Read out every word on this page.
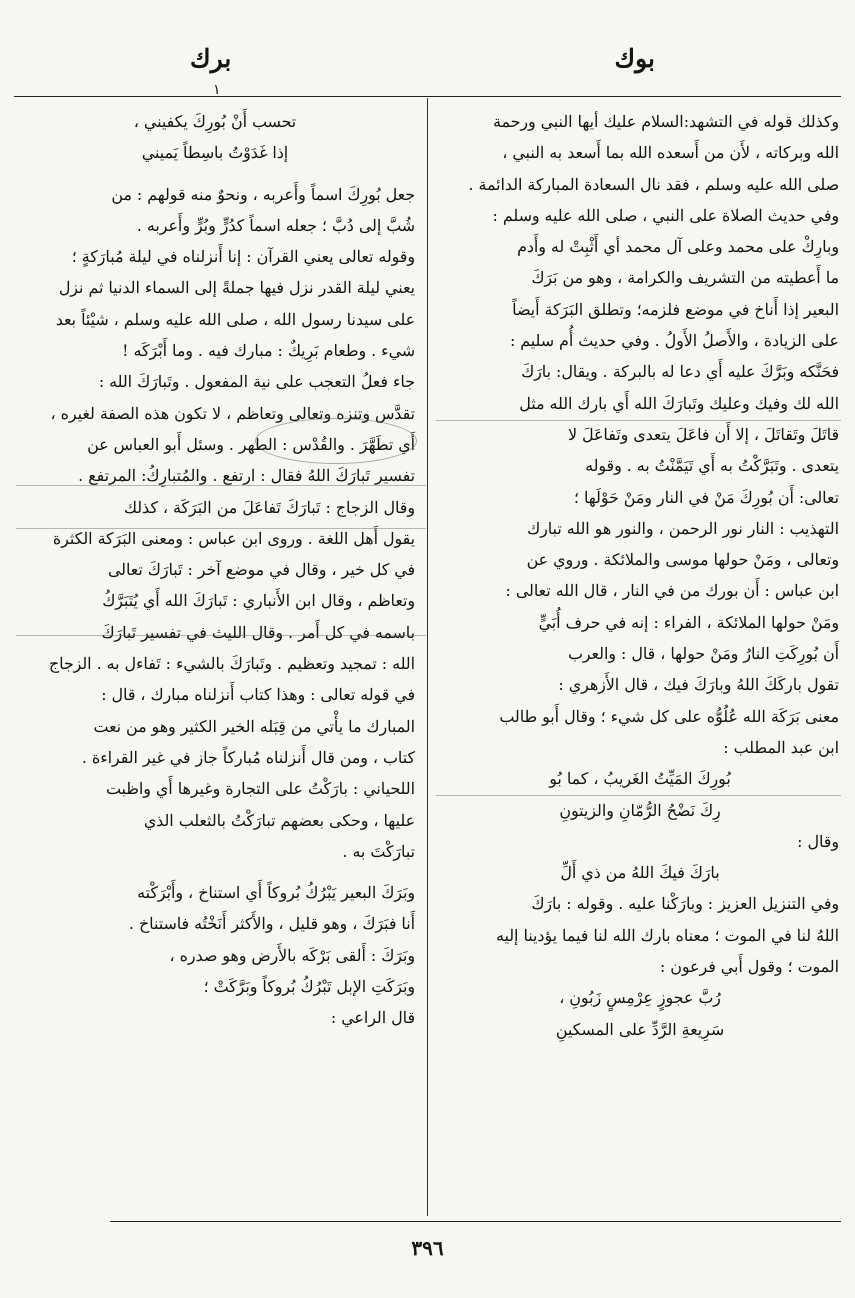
بوك
برك
١

وكذلك قوله في التشهد:السلام عليك أيها النبي ورحمة

الله وبركاته ، لأَن من أَسعده الله بما أَسعد به النبي ،

صلى الله عليه وسلم ، فقد نال السعادة المباركة الدائمة .

وفي حديث الصلاة على النبي ، صلى الله عليه وسلم :

وبارِكْ على محمد وعلى آل محمد أي أَثْبِتْ له وأَدم

ما أَعطيته من التشريف والكرامة ، وهو من بَرَكَ

البعير إذا أَناخ في موضع فلزمه؛ وتطلق البَرَكة أَيضاً

على الزيادة ، والأَصلُ الأَولُ . وفي حديث أُم سليم :

فحَنَّكه وبَرَّكَ عليه أَي دعا له بالبركة . ويقال: بارَكَ

الله لك وفيك وعليك وتَبارَكَ الله أَي بارك الله مثل

قاتَلَ وتَقاتَلَ ، إلا أَن فاعَلَ يتعدى وتَفاعَلَ لا

يتعدى . وتَبَرَّكْتُ به أَي تَيَمَّنْتُ به . وقوله

تعالى: أَن بُورِكَ مَنْ في النار ومَنْ حَوْلَها ؛

التهذيب : النار نور الرحمن ، والنور هو الله تبارك

وتعالى ، ومَنْ حولها موسى والملائكة . وروي عن

ابن عباس : أَن بورك من في النار ، قال الله تعالى :

ومَنْ حولها الملائكة ، الفراء : إنه في حرف أُبَيٍّ

أَن بُورِكَتِ النارُ ومَنْ حولها ، قال : والعرب

تقول باركَكَ اللهُ وبارَكَ فيك ، قال الأَزهري :

معنى بَرَكَة الله عُلُوُّه على كل شيء ؛ وقال أَبو طالب

ابن عبد المطلب :

بُورِكَ المَيِّتُ الغَريبُ ، كما بُو

رِكَ نَضْحُ الرُّمّانِ والزيتونِ

وقال :

بارَكَ فيكَ اللهُ من ذي أَلِّ

وفي التنزيل العزيز : وبارَكْنا عليه . وقوله : بارَكَ

اللهُ لنا في الموت ؛ معناه بارك الله لنا فيما يؤدينا إليه

الموت ؛ وقول أَبي فرعون :

رُبَّ عجوزٍ عِرْمِسٍ زَبُونِ ،

سَرِيعةِ الرَّدِّ على المسكينِ

تحسب أَنْ بُورِكَ يكفيني ،

إذا غَدَوْتُ باسِطاً يَميني

جعل بُورِكَ اسماً وأَعربه ، ونحوٌ منه قولهم : من

شُبَّ إلى دُبَّ ؛ جعله اسماً كدُرٍّ وبُرٍّ وأَعربه .

وقوله تعالى يعني القرآن : إنا أَنزلناه في ليلة مُبارَكةٍ ؛

يعني ليلة القدر نزل فيها جملةً إلى السماء الدنيا ثم نزل

على سيدنا رسول الله ، صلى الله عليه وسلم ، شيْئاً بعد

شيء . وطعام بَرِيكٌ : مبارك فيه . وما أَبْرَكَه !

جاء فعلُ التعجب على نية المفعول . وتَبارَكَ الله :

تقدَّس وتنزه وتعالى وتعاظم ، لا تكون هذه الصفة لغيره ،

أَي تطَهَّرَ . والقُدْس : الطهر . وسئل أَبو العباس عن

تفسير تَبارَكَ اللهُ فقال : ارتفع . والمُتبارِكُ: المرتفع .

وقال الزجاج : تَبارَكَ تَفاعَلَ من البَرَكَة ، كذلك

يقول أَهل اللغة . وروى ابن عباس : ومعنى البَرَكة الكثرة

في كل خير ، وقال في موضع آخر : تَبارَكَ تعالى

وتعاظم ، وقال ابن الأَنباري : تَبارَكَ الله أَي يُتَبَرَّكُ

باسمه في كل أَمر . وقال الليث في تفسير تَبارَكَ

الله : تمجيد وتعظيم . وتَبارَكَ بالشيء : تَفاءل به . الزجاج

في قوله تعالى : وهذا كتاب أَنزلناه مبارك ، قال :

المبارك ما يأْتي من قِبَله الخير الكثير وهو من نعت

كتاب ، ومن قال أَنزلناه مُباركاً جاز في غير القراءة .

اللحياني : بارَكْتُ على التجارة وغيرها أَي واظبت

عليها ، وحكى بعضهم تبارَكْتُ بالثعلب الذي

تبارَكْتَ به .

وبَرَكَ البعير يَبْرُكُ بُروكاً أَي استناخ ، وأَبْرَكْته

أَنا فبَرَكَ ، وهو قليل ، والأَكثر أَنَخْتُه فاستناخ .

وبَرَكَ : أَلقى بَرْكَه بالأَرض وهو صدره ،

وبَرَكَتِ الإبل تَبْرُكُ بُروكاً وبَرَّكَتْ ؛

قال الراعي :

٣٩٦
